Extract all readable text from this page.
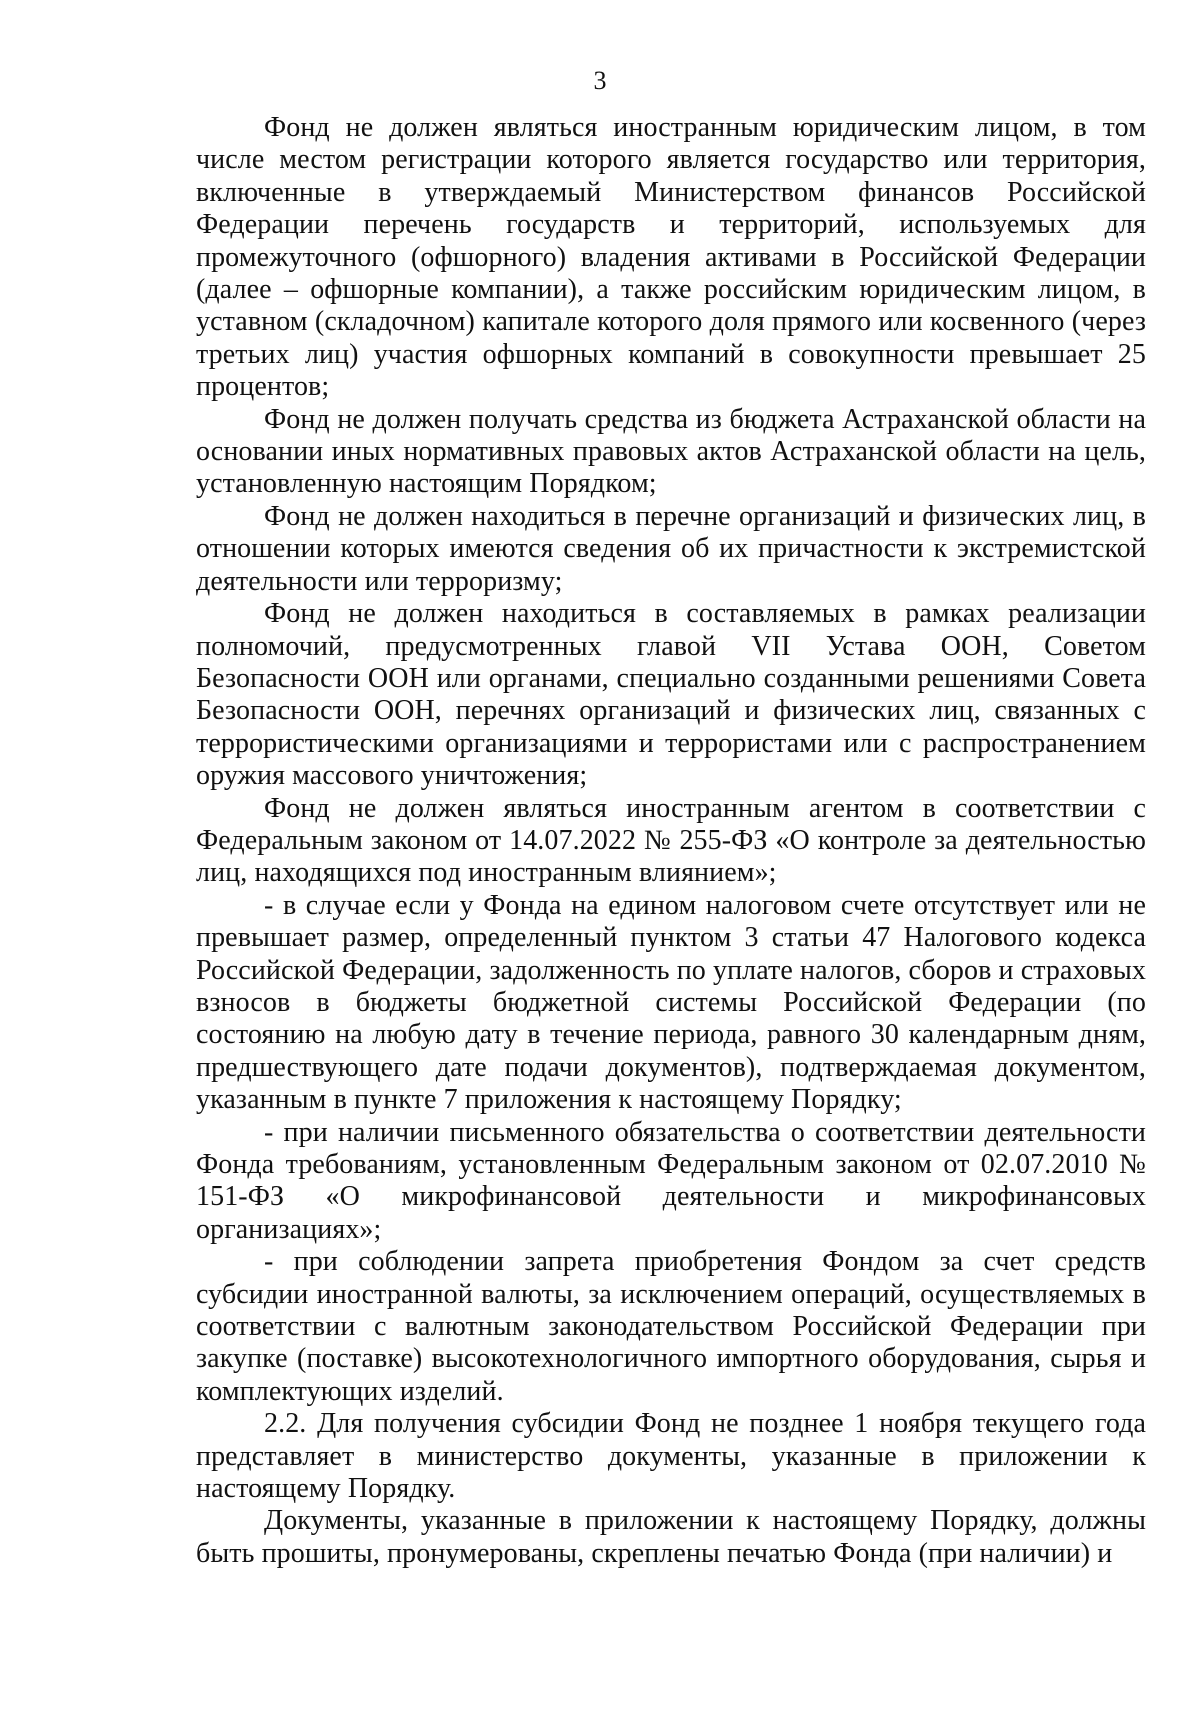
3

Фонд не должен являться иностранным юридическим лицом, в том числе местом регистрации которого является государство или территория, включенные в утверждаемый Министерством финансов Российской Федерации перечень государств и территорий, используемых для промежуточного (офшорного) владения активами в Российской Федерации (далее – офшорные компании), а также российским юридическим лицом, в уставном (складочном) капитале которого доля прямого или косвенного (через третьих лиц) участия офшорных компаний в совокупности превышает 25 процентов;

Фонд не должен получать средства из бюджета Астраханской области на основании иных нормативных правовых актов Астраханской области на цель, установленную настоящим Порядком;

Фонд не должен находиться в перечне организаций и физических лиц, в отношении которых имеются сведения об их причастности к экстремистской деятельности или терроризму;

Фонд не должен находиться в составляемых в рамках реализации полномочий, предусмотренных главой VII Устава ООН, Советом Безопасности ООН или органами, специально созданными решениями Совета Безопасности ООН, перечнях организаций и физических лиц, связанных с террористическими организациями и террористами или с распространением оружия массового уничтожения;

Фонд не должен являться иностранным агентом в соответствии с Федеральным законом от 14.07.2022 № 255-ФЗ «О контроле за деятельностью лиц, находящихся под иностранным влиянием»;

- в случае если у Фонда на едином налоговом счете отсутствует или не превышает размер, определенный пунктом 3 статьи 47 Налогового кодекса Российской Федерации, задолженность по уплате налогов, сборов и страховых взносов в бюджеты бюджетной системы Российской Федерации (по состоянию на любую дату в течение периода, равного 30 календарным дням, предшествующего дате подачи документов), подтверждаемая документом, указанным в пункте 7 приложения к настоящему Порядку;

- при наличии письменного обязательства о соответствии деятельности Фонда требованиям, установленным Федеральным законом от 02.07.2010 № 151-ФЗ «О микрофинансовой деятельности и микрофинансовых организациях»;

- при соблюдении запрета приобретения Фондом за счет средств субсидии иностранной валюты, за исключением операций, осуществляемых в соответствии с валютным законодательством Российской Федерации при закупке (поставке) высокотехнологичного импортного оборудования, сырья и комплектующих изделий.

2.2. Для получения субсидии Фонд не позднее 1 ноября текущего года представляет в министерство документы, указанные в приложении к настоящему Порядку.

Документы, указанные в приложении к настоящему Порядку, должны быть прошиты, пронумерованы, скреплены печатью Фонда (при наличии) и
